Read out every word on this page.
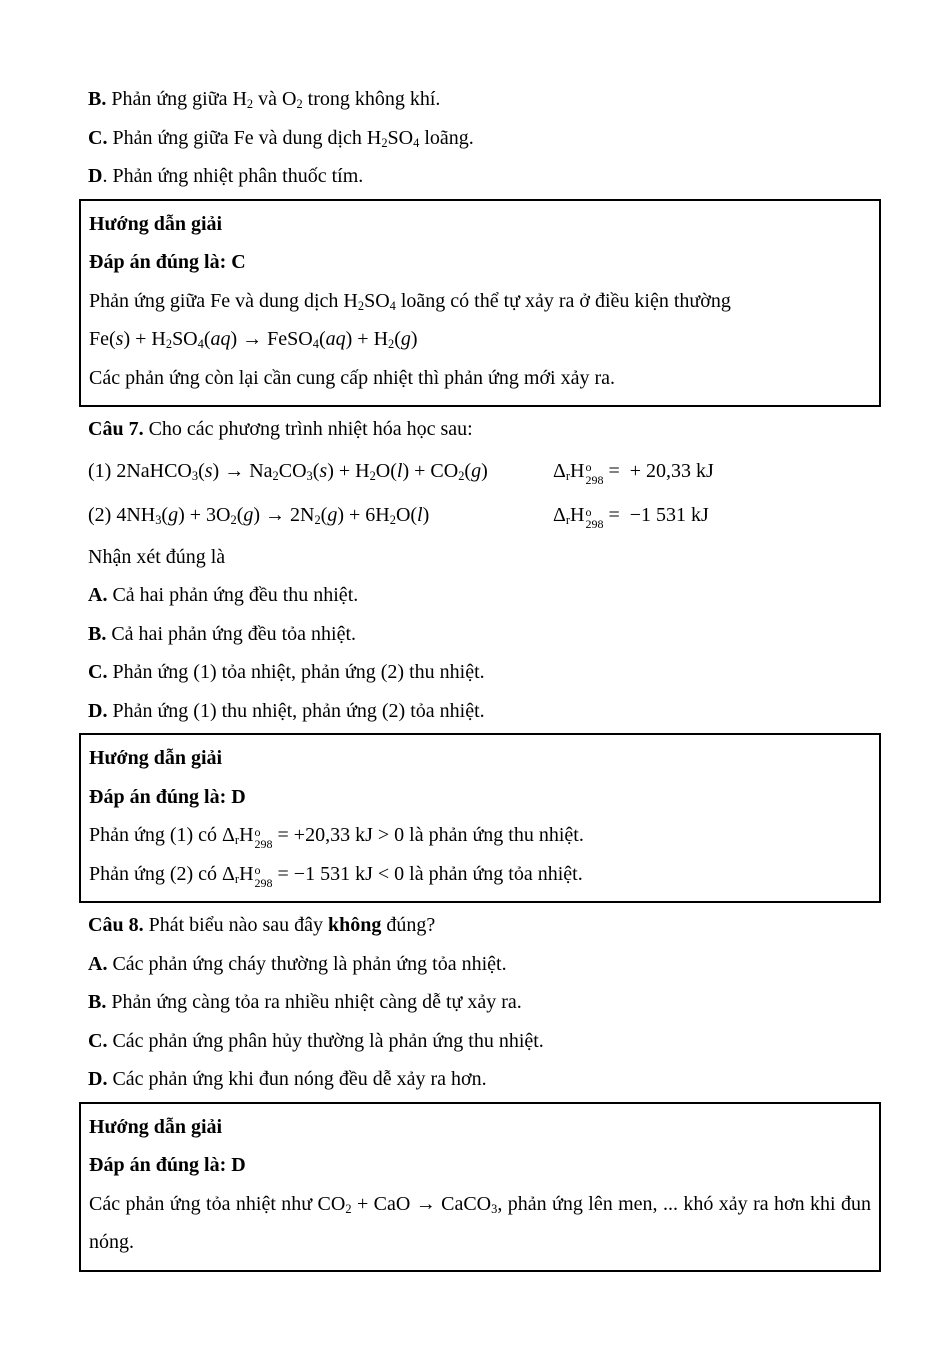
B. Phản ứng giữa $H_2$ và $O_2$ trong không khí.
C. Phản ứng giữa Fe và dung dịch $H_2SO_4$ loãng.
D. Phản ứng nhiệt phân thuốc tím.
Hướng dẫn giải
Đáp án đúng là: C
Phản ứng giữa Fe và dung dịch $H_2SO_4$ loãng có thể tự xảy ra ở điều kiện thường
$Fe(s) + H_2SO_4(aq)$ → FeSO$_4$(aq) + $H_2(g)$
Các phản ứng còn lại cần cung cấp nhiệt thì phản ứng mới xảy ra.
Câu 7. Cho các phương trình nhiệt hóa học sau:
(1) 2NaHCO$_3$(s) → $Na_2CO_3(s) + H_2O(l) + CO_2(g)$	$\Delta_rH$ o
298 =  + 20,33 kJ
(2) $4NH_3(g) + 3O_2(g) \to 2N_2(g) + 6H_2O(l)$	$\Delta_rH$ o
298 =  −1 531 kJ
Nhận xét đúng là
A. Cả hai phản ứng đều thu nhiệt.
B. Cả hai phản ứng đều tỏa nhiệt.
C. Phản ứng (1) tỏa nhiệt, phản ứng (2) thu nhiệt.
D. Phản ứng (1) thu nhiệt, phản ứng (2) tỏa nhiệt.
Hướng dẫn giải
Đáp án đúng là: D
Phản ứng (1) có $\Delta_rH$ o
298 = +20,33 kJ > 0 là phản ứng thu nhiệt.
Phản ứng (2) có $\Delta_rH$ o
298 = −1 531 kJ < 0 là phản ứng tỏa nhiệt.
Câu 8. Phát biểu nào sau đây không đúng?
A. Các phản ứng cháy thường là phản ứng tỏa nhiệt.
B. Phản ứng càng tỏa ra nhiều nhiệt càng dễ tự xảy ra.
C. Các phản ứng phân hủy thường là phản ứng thu nhiệt.
D. Các phản ứng khi đun nóng đều dễ xảy ra hơn.
Hướng dẫn giải
Đáp án đúng là: D
Các phản ứng tỏa nhiệt như $CO_2$ + CaO → CaCO$_3$, phản ứng lên men, ... khó xảy ra hơn khi đun nóng.
